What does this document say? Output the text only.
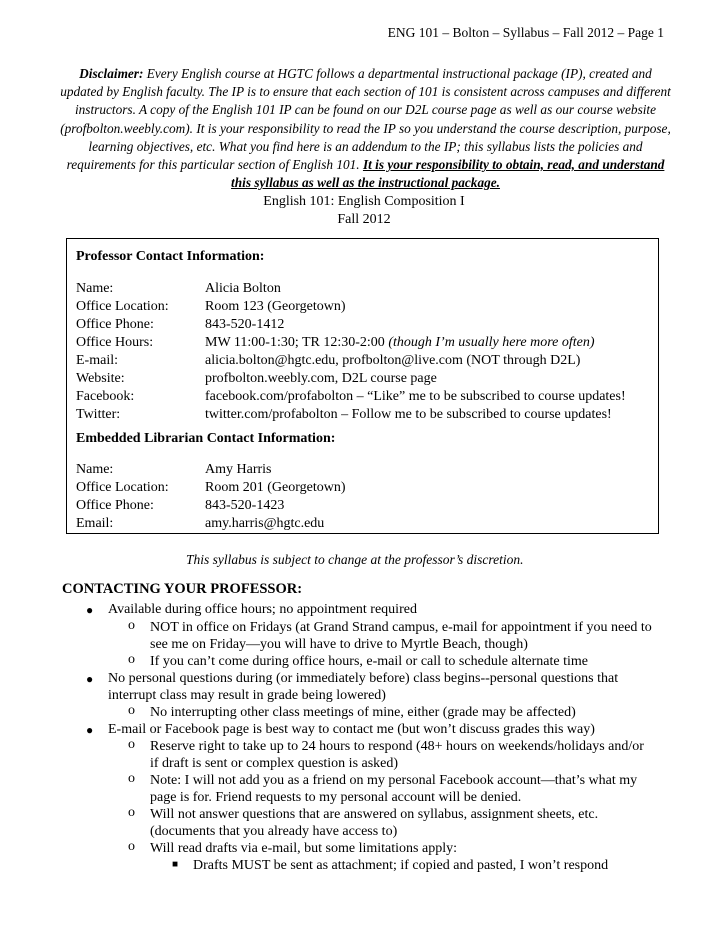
ENG 101 – Bolton – Syllabus – Fall 2012 – Page 1
Disclaimer: Every English course at HGTC follows a departmental instructional package (IP), created and updated by English faculty. The IP is to ensure that each section of 101 is consistent across campuses and different instructors. A copy of the English 101 IP can be found on our D2L course page as well as our course website (profbolton.weebly.com). It is your responsibility to read the IP so you understand the course description, purpose, learning objectives, etc. What you find here is an addendum to the IP; this syllabus lists the policies and requirements for this particular section of English 101. It is your responsibility to obtain, read, and understand this syllabus as well as the instructional package.
English 101: English Composition I
Fall 2012
Professor Contact Information:
Name:	Alicia Bolton
Office Location:	Room 123 (Georgetown)
Office Phone:	843-520-1412
Office Hours:	MW 11:00-1:30; TR 12:30-2:00 (though I’m usually here more often)
E-mail:	alicia.bolton@hgtc.edu, profbolton@live.com (NOT through D2L)
Website:	profbolton.weebly.com, D2L course page
Facebook:	facebook.com/profabolton – “Like” me to be subscribed to course updates!
Twitter:	twitter.com/profabolton – Follow me to be subscribed to course updates!
Embedded Librarian Contact Information:
Name:	Amy Harris
Office Location:	Room 201 (Georgetown)
Office Phone:	843-520-1423
Email:	amy.harris@hgtc.edu
This syllabus is subject to change at the professor’s discretion.
CONTACTING YOUR PROFESSOR:
● Available during office hours; no appointment required
o NOT in office on Fridays (at Grand Strand campus, e-mail for appointment if you need to
see me on Friday—you will have to drive to Myrtle Beach, though)
o If you can’t come during office hours, e-mail or call to schedule alternate time
● No personal questions during (or immediately before) class begins--personal questions that
interrupt class may result in grade being lowered)
o No interrupting other class meetings of mine, either (grade may be affected)
● E-mail or Facebook page is best way to contact me (but won’t discuss grades this way)
o Reserve right to take up to 24 hours to respond (48+ hours on weekends/holidays and/or
if draft is sent or complex question is asked)
o Note: I will not add you as a friend on my personal Facebook account—that’s what my
page is for. Friend requests to my personal account will be denied.
o Will not answer questions that are answered on syllabus, assignment sheets, etc.
(documents that you already have access to)
o Will read drafts via e-mail, but some limitations apply:
■ Drafts MUST be sent as attachment; if copied and pasted, I won’t respond
